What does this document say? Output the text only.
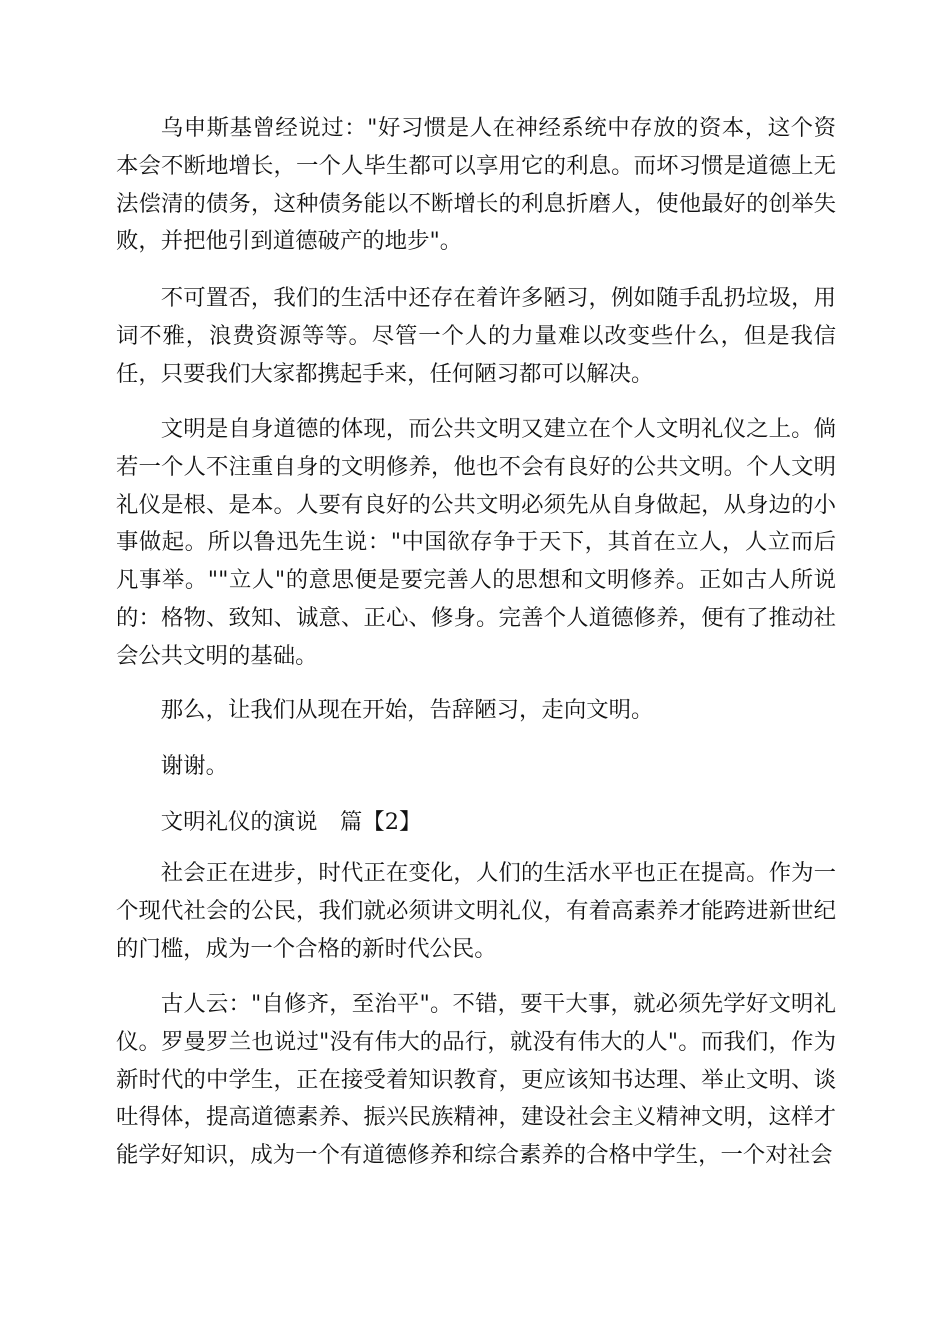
乌申斯基曾经说过："好习惯是人在神经系统中存放的资本，这个资本会不断地增长，一个人毕生都可以享用它的利息。而坏习惯是道德上无法偿清的债务，这种债务能以不断增长的利息折磨人，使他最好的创举失败，并把他引到道德破产的地步"。

不可置否，我们的生活中还存在着许多陋习，例如随手乱扔垃圾，用词不雅，浪费资源等等。尽管一个人的力量难以改变些什么，但是我信任，只要我们大家都携起手来，任何陋习都可以解决。

文明是自身道德的体现，而公共文明又建立在个人文明礼仪之上。倘若一个人不注重自身的文明修养，他也不会有良好的公共文明。个人文明礼仪是根、是本。人要有良好的公共文明必须先从自身做起，从身边的小事做起。所以鲁迅先生说："中国欲存争于天下，其首在立人，人立而后凡事举。""立人"的意思便是要完善人的思想和文明修养。正如古人所说的：格物、致知、诚意、正心、修身。完善个人道德修养，便有了推动社会公共文明的基础。

那么，让我们从现在开始，告辞陋习，走向文明。

谢谢。

文明礼仪的演说　篇【2】

社会正在进步，时代正在变化，人们的生活水平也正在提高。作为一个现代社会的公民，我们就必须讲文明礼仪，有着高素养才能跨进新世纪的门槛，成为一个合格的新时代公民。

古人云："自修齐，至治平"。不错，要干大事，就必须先学好文明礼仪。罗曼罗兰也说过"没有伟大的品行，就没有伟大的人"。而我们，作为新时代的中学生，正在接受着知识教育，更应该知书达理、举止文明、谈吐得体，提高道德素养、振兴民族精神，建设社会主义精神文明，这样才能学好知识，成为一个有道德修养和综合素养的合格中学生，一个对社会
